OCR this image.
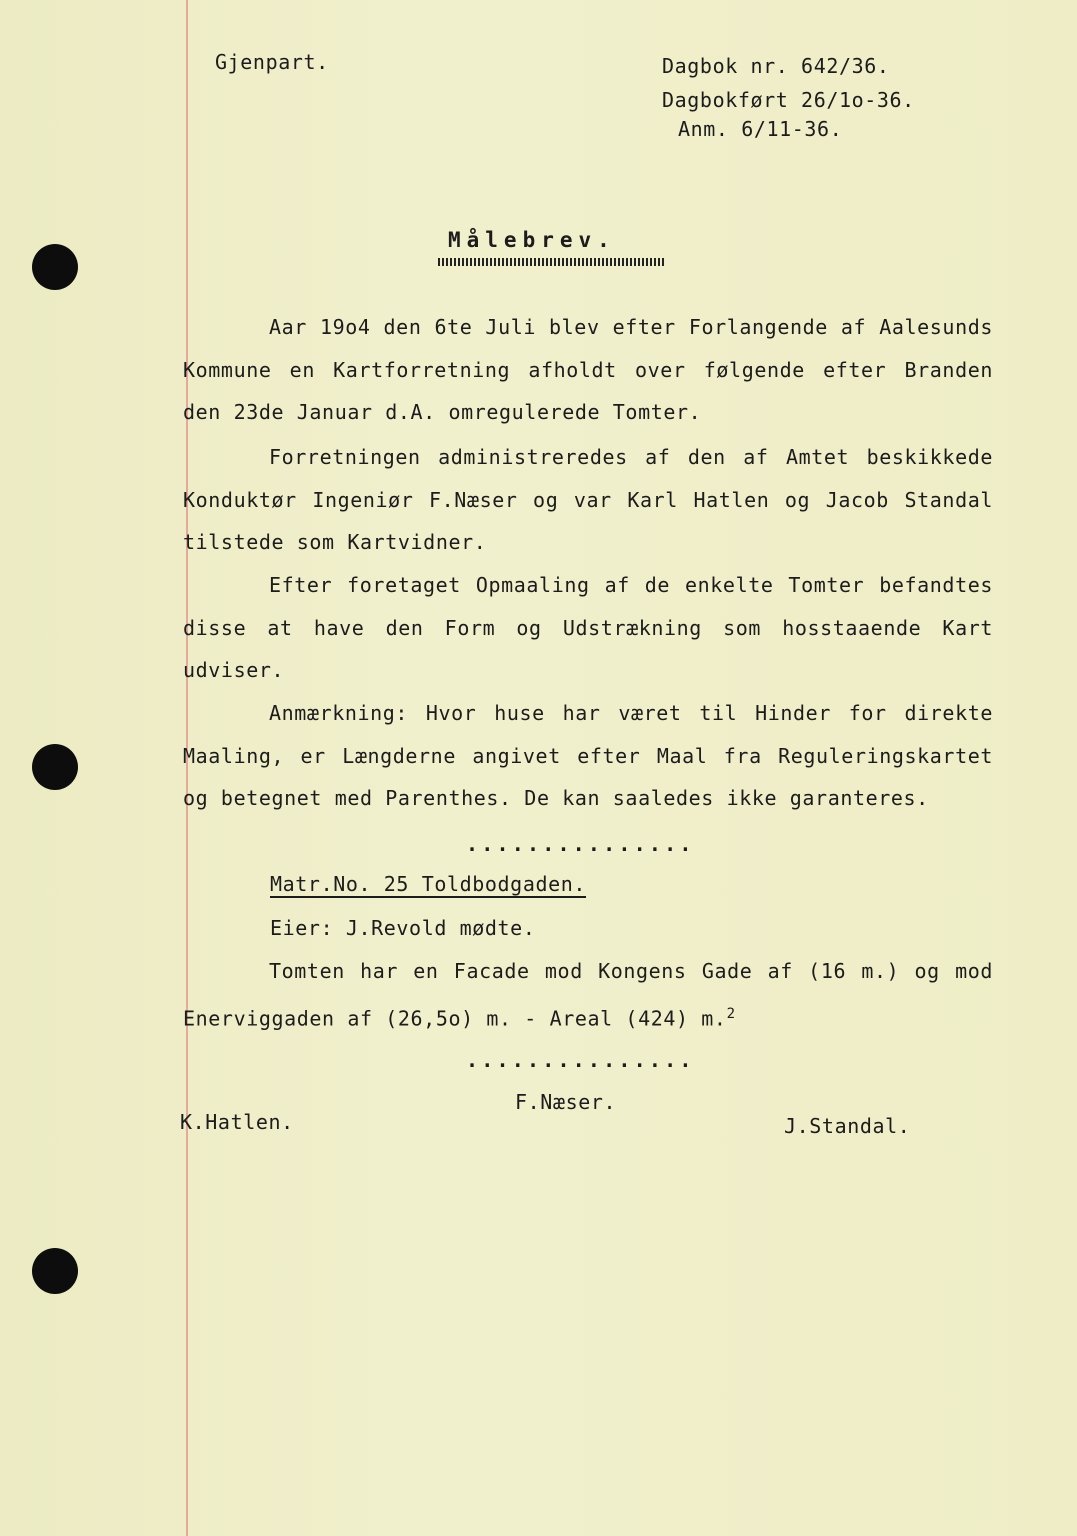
Gjenpart.	Dagbok nr. 642/36.
Dagbokført 26/1o-36.
Anm. 6/11-36.
Målebrev.
Aar 19o4 den 6te Juli blev efter Forlangende af Aalesunds Kommune en Kartforretning afholdt over følgende efter Branden den 23de Januar d.A. omregulerede Tomter.
Forretningen administreredes af den af Amtet beskikkede Konduktør Ingeniør F.Næser og var Karl Hatlen og Jacob Standal tilstede som Kartvidner.
Efter foretaget Opmaaling af de enkelte Tomter befandtes disse at have den Form og Udstrækning som hosstaaende Kart udviser.
Anmærkning: Hvor huse har været til Hinder for direkte Maaling, er Længderne angivet efter Maal fra Reguleringskartet og betegnet med Parenthes. De kan saaledes ikke garanteres.
...............
Matr.No. 25 Toldbodgaden.
Eier: J.Revold mødte.
Tomten har en Facade mod Kongens Gade af (16 m.) og mod Enerviggaden af (26,5o) m. - Areal (424) m.$^2$
...............
F.Næser.
K.Hatlen.	J.Standal.
